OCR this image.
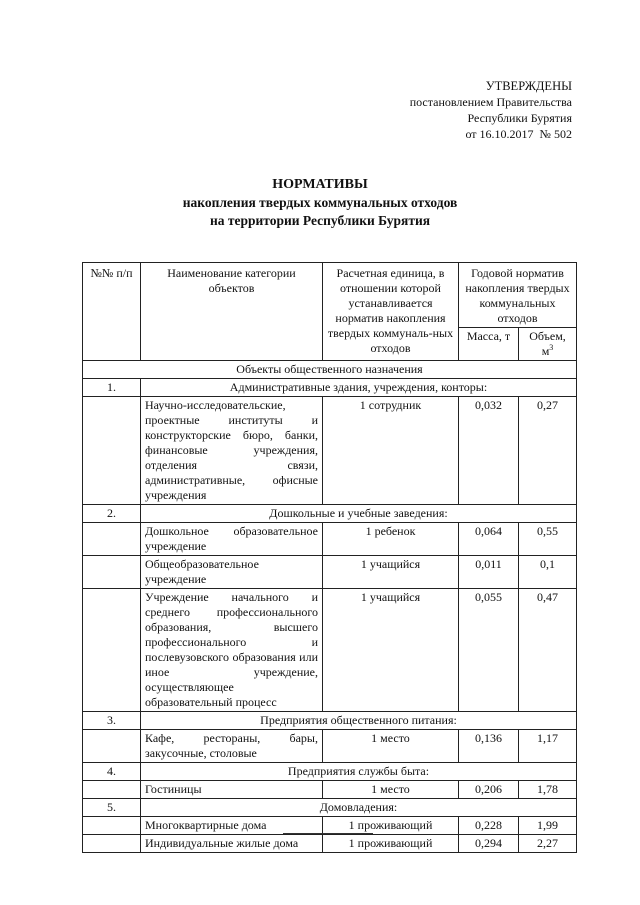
УТВЕРЖДЕНЫ
постановлением Правительства
Республики Бурятия
от 16.10.2017  № 502
НОРМАТИВЫ
накопления твердых коммунальных отходов
на территории Республики Бурятия
№№ п/п	Наименование категории объектов	Расчетная единица, в отношении которой устанавливается норматив накопления твердых коммуналь-ных отходов	Годовой норматив накопления твердых коммунальных отходов	
			Масса, т	Объем, $м^3$
Объекты общественного назначения				
1.	Административные здания, учреждения, конторы:			
	Научно-исследовательские, проектные институты и конструкторские бюро, банки, финансовые учреждения, отделения связи, административные, офисные учреждения	1 сотрудник	0,032	0,27
2.	Дошкольные и учебные заведения:			
	Дошкольное образовательное учреждение	1 ребенок	0,064	0,55
	Общеобразовательное учреждение	1 учащийся	0,011	0,1
	Учреждение начального и среднего профессионального образования, высшего профессионального и послевузовского образования или иное учреждение, осуществляющее образовательный процесс	1 учащийся	0,055	0,47
3.	Предприятия общественного питания:			
	Кафе, рестораны, бары, закусочные, столовые	1 место	0,136	1,17
4.	Предприятия службы быта:			
	Гостиницы	1 место	0,206	1,78
5.	Домовладения:			
	Многоквартирные дома	1 проживающий	0,228	1,99
	Индивидуальные жилые дома	1 проживающий	0,294	2,27
